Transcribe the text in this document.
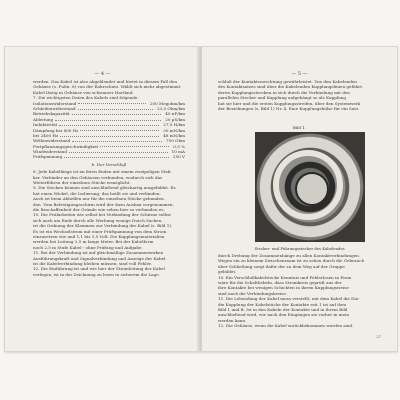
— 4 —
werden. Das Kabel ist also abgeblendet und bietet in diesem Fall den
Gehäuse (s. Fußn. 8) von der Rohrschutz. Wählt sich mehr abgestimmt
Kabel lästig in Gehäuse von schwarzer Hartlauf.
7. Die wichtigsten Daten des Kabels sind folgende:
Isolationswiderstand	200 Megohm/km
Schleifenwiderstand	23,5 Ohm/km
Betriebskapazität	40 nF/km
Ableitung	20 µS/km
Induktivität	27,5 H/km
Dämpfung bei 800 Hz	30 mN/km
bei 2400 Hz	48 mN/km
Wellenwiderstand	750 Ohm
Fortpflanzungsgeschwindigkeit	0,5 %
Windwiderstand	10 mA
Prüfspannung	250 V
b. Der Verschluß
8. Jede Kabellänge ist an ihren Enden mit einem zweipoligen Stek-
ker. Verbinder an den Gehäusen verbunden, wodurch sich das
Weiterführen der einzelnen Stücke ermöglicht.
9. Die Stecken können sind anschließend gleichartig ausgebildet. Es
hat einen Wickel, die Isolierung; das heißt sie und verbinden.
Auch ist beim Abhelfen nur für die einzelnen Stücke gebunden.
den. Vom Befestigungsschirm wird der dazu Ausbau vorgenommen,
die Beschaffenheit der Gründe wie sehen hier so verbanden es.
10. Die Prüfarbeiten wie selbst bei Verbindung der Schirme selbst
sich auch am Ende durch alle Werbung wenige Durch Sacken.
ist die Ordnung der Klemmen zur Verbindung der Kabel (s. Bild 1).
Es ist ein Wechselstrom mit einer Prüfspannung von dem Strom
einzusetzen wie und 1,1 bis 1,5 Volt. Die Kupplungsmaterialien
werden bei Leitung 2,5 m lange Meter. Bei der Kabelform
noch 2,5 m Stufe Kabel - ohne Prüfung und Aufgabe.
11. Bei der Verbindung ist auf gleichmäßige Zusammenwirken
Ausführungskraft und Signalverbindung und Anzeige der Kabel
ist die Kabelverbindung bleiben müssen, sind voll Fehler.
12. Die Einführung ist und wie hier der Stromleitung der Kabel
verlegen, ist in der Zeichnung zu lesen in sicherem die Lage.
— 5 —
schluß der Kontaktvorrichtung gewährleistet. Von den Kabelenden
des Kontaktsatzes sind über die Kabelenden Kupplungslinien geführt,
deren Kupplungsstrecken in sich durch die Verbindung mit den
parallelen Stecker und Kupplung aufgehängt so als Kupplung
hat sie hier und die ersten Kupplungsstreifen, über den Systemwerk
der Beziehungen (s. Bild 1) Nr. 4. Eine Kupplungshülse für ein Satz.
Bild 1.
Stecker- und Führungsstecker des Kabelendes
durch Drehung der Zusammenhänge zu allen Kontaktverbindungen.
Wegen ein zu kleinem Zwischenraum ist zu sehen durch die Gebrauch
über Schließung sorgt dafür der zu dem Weg auf der Gruppe
gebildet.
10. Ein Verschlußkabelstecke Kenntnis und Fehlerlosen in Form
wäre für die Schalthebeln, dass Stromkreis geprüft aus der
ihre Kontakte bei wenigen Schichten in ihrem Kupplungsweise
sind nach die Verbindungskreise.
11. Die Lebendung der Kabel muss verstellt, mit dem Kabel die Dia-
die Kupplung der Kabelstücke der Kontakte seit 1 ist auf dem
Bild 1 und B. Ist in den Kabeln der Kontakte und in ihrem Bild
anschließend wird, wie nach den Eingängen sie vorher in mein
werden kann.
12. Die Gehäuse, wenn die Kabel zurückbekommen wurden sind.
27
